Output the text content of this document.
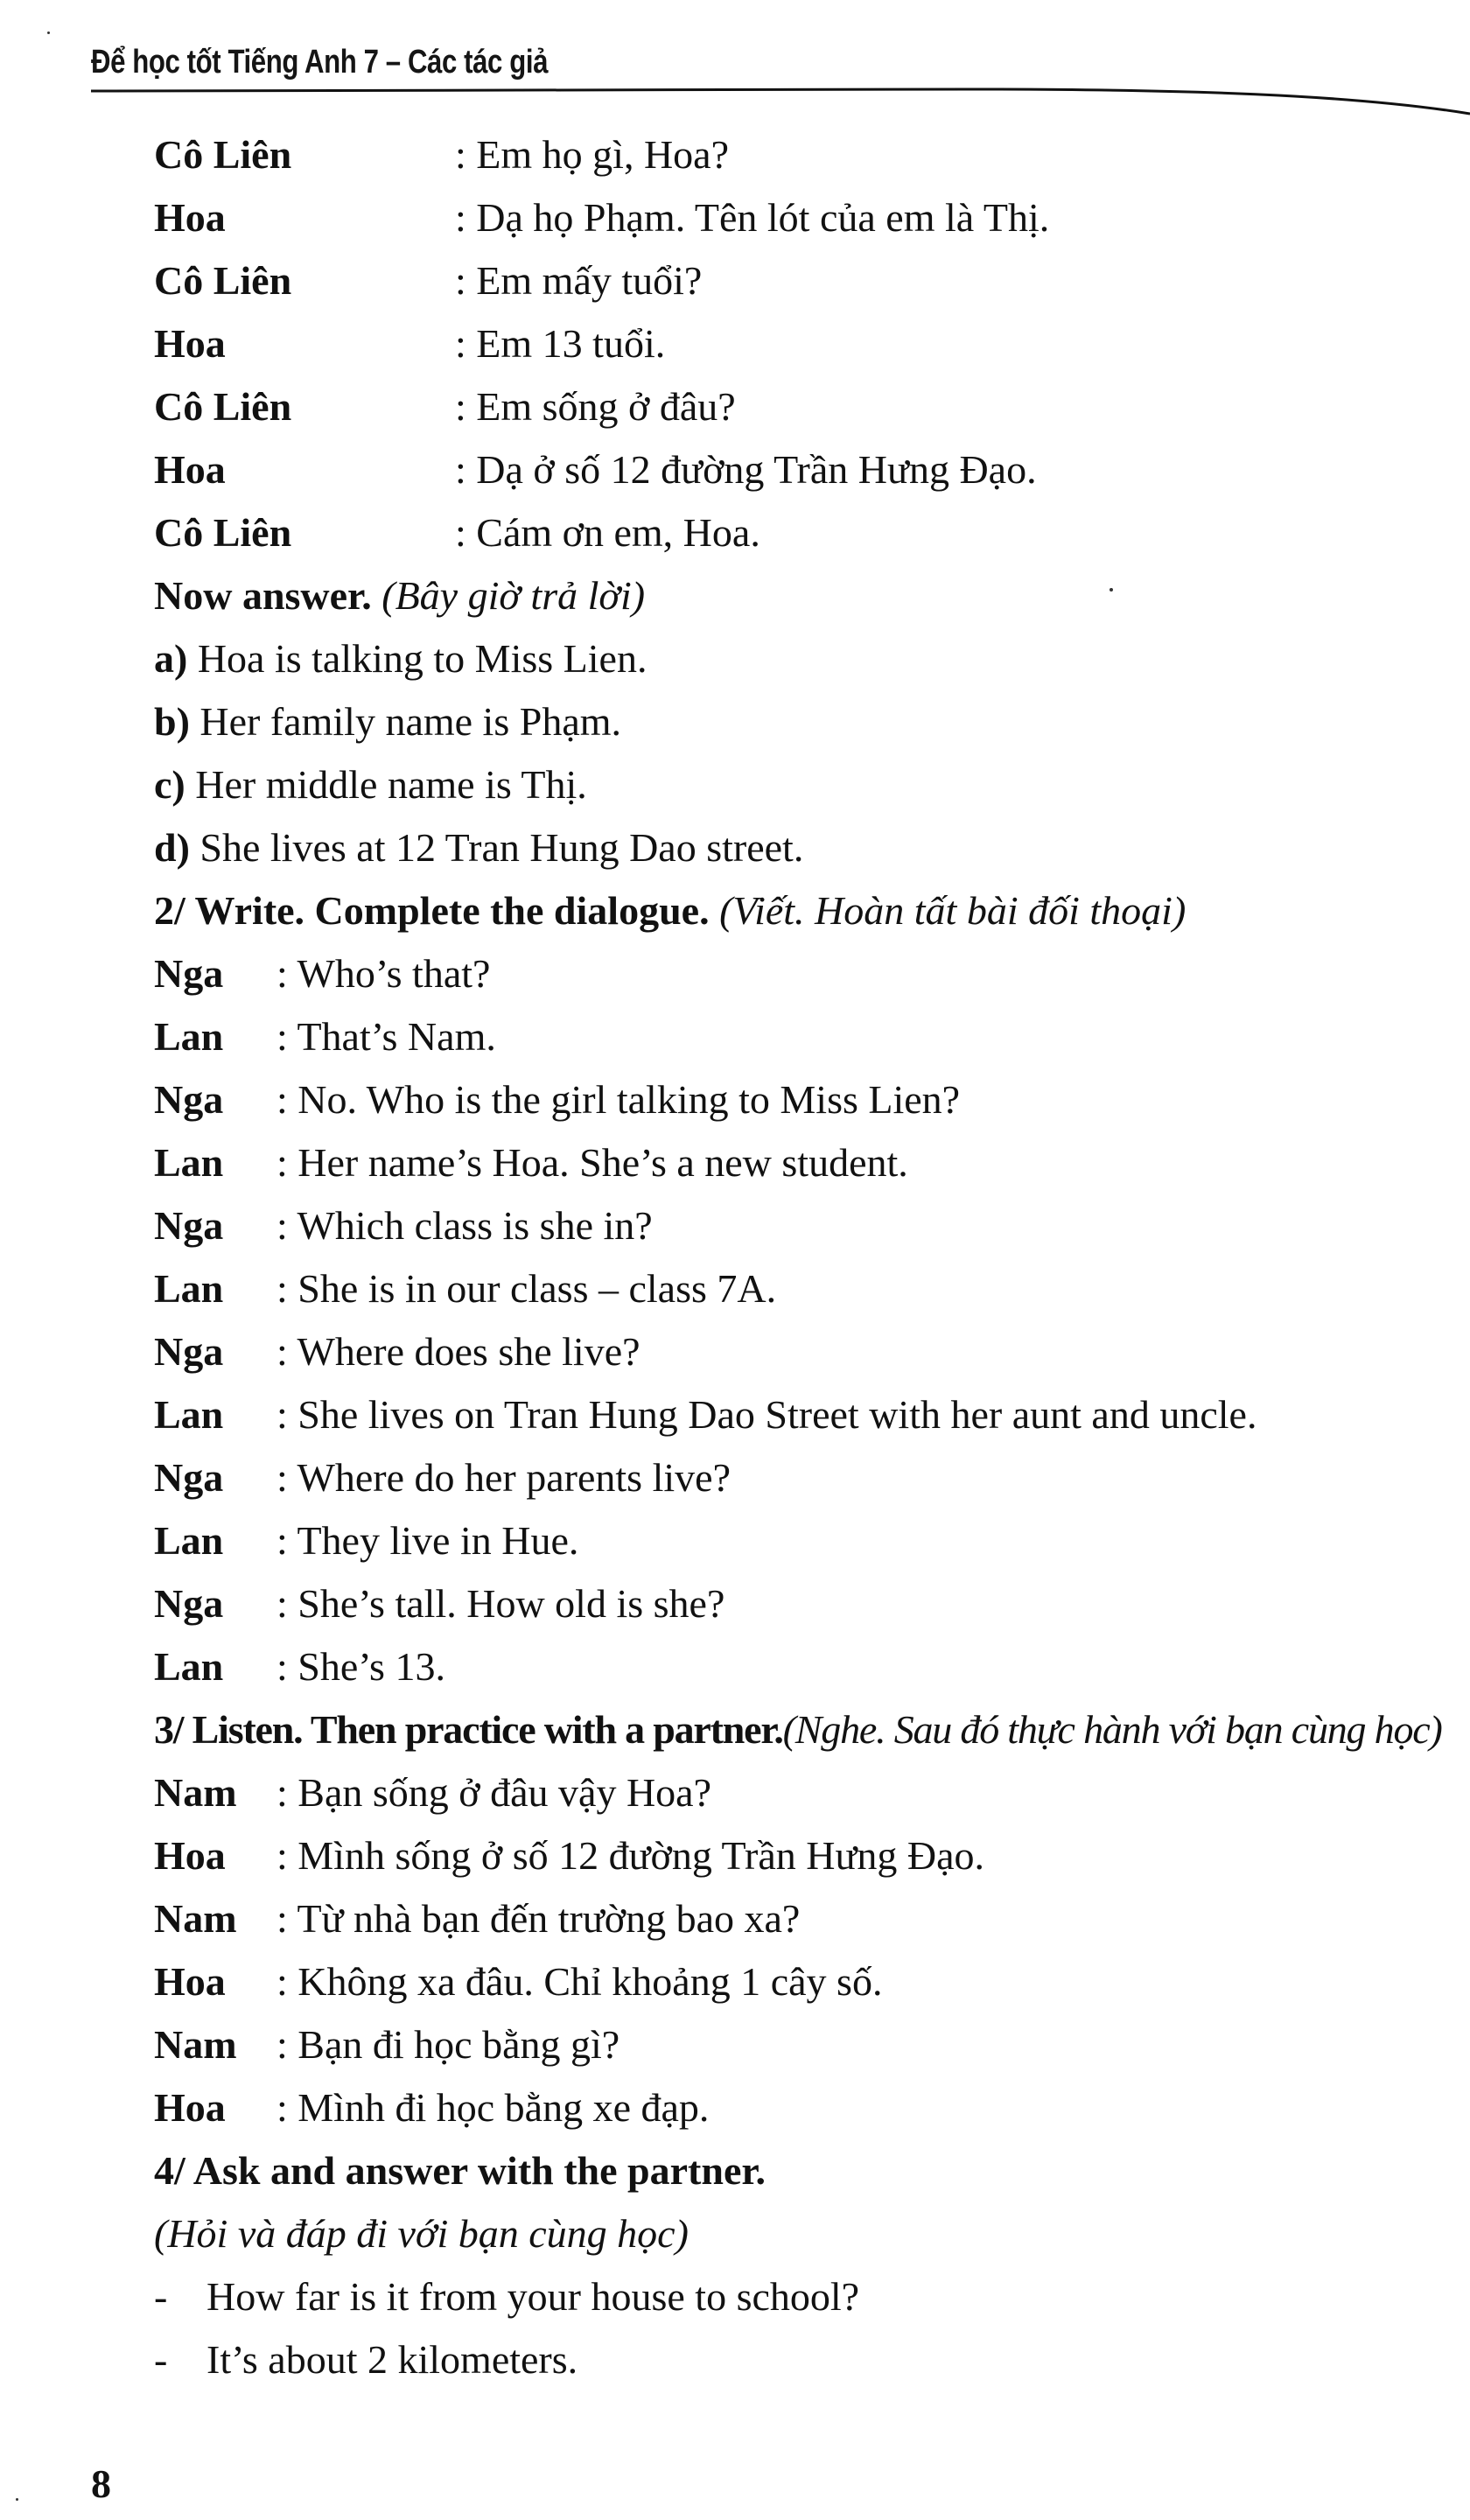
Để học tốt Tiếng Anh 7 – Các tác giả
Cô Liên	: Em họ gì, Hoa?
Hoa	: Dạ họ Phạm. Tên lót của em là Thị.
Cô Liên	: Em mấy tuổi?
Hoa	: Em 13 tuổi.
Cô Liên	: Em sống ở đâu?
Hoa	: Dạ ở số 12 đường Trần Hưng Đạo.
Cô Liên	: Cám ơn em, Hoa.
Now answer. (Bây giờ trả lời)
a) Hoa is talking to Miss Lien.
b) Her family name is Phạm.
c) Her middle name is Thị.
d) She lives at 12 Tran Hung Dao street.
2/ Write. Complete the dialogue. (Viết. Hoàn tất bài đối thoại)
Nga	: Who’s that?
Lan	: That’s Nam.
Nga	: No. Who is the girl talking to Miss Lien?
Lan	: Her name’s Hoa. She’s a new student.
Nga	: Which class is she in?
Lan	: She is in our class – class 7A.
Nga	: Where does she live?
Lan	: She lives on Tran Hung Dao Street with her aunt and uncle.
Nga	: Where do her parents live?
Lan	: They live in Hue.
Nga	: She’s tall. How old is she?
Lan	: She’s 13.
3/ Listen. Then practice with a partner.(Nghe. Sau đó thực hành với bạn cùng học)
Nam : Bạn sống ở đâu vậy Hoa?
Hoa	: Mình sống ở số 12 đường Trần Hưng Đạo.
Nam : Từ nhà bạn đến trường bao xa?
Hoa	: Không xa đâu. Chỉ khoảng 1 cây số.
Nam : Bạn đi học bằng gì?
Hoa	: Mình đi học bằng xe đạp.
4/ Ask and answer with the partner.
(Hỏi và đáp đi với bạn cùng học)
- How far is it from your house to school?
- It’s about 2 kilometers.
8
